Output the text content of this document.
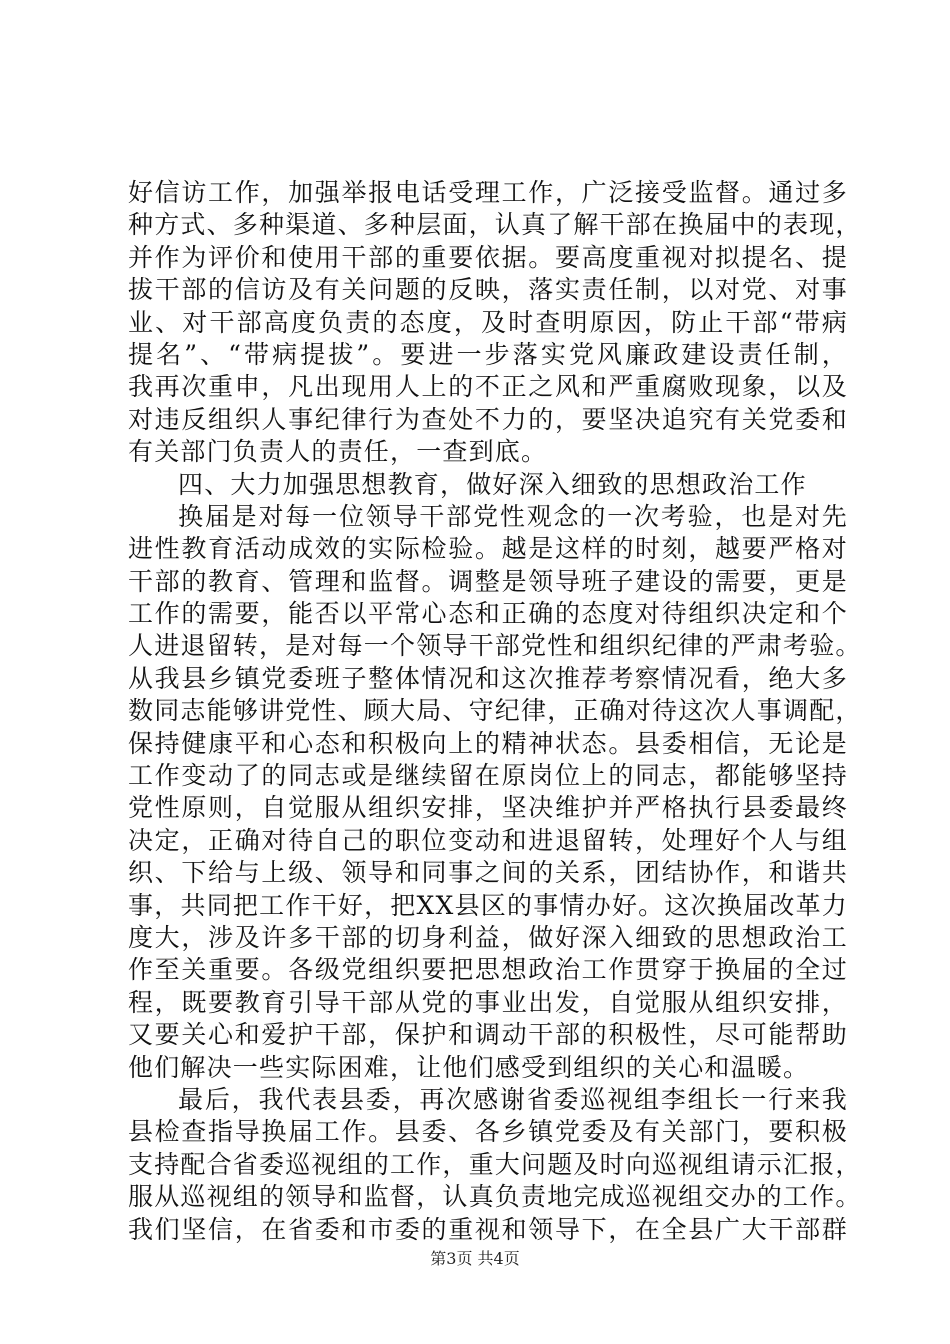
好信访工作，加强举报电话受理工作，广泛接受监督。通过多
种方式、多种渠道、多种层面，认真了解干部在换届中的表现，
并作为评价和使用干部的重要依据。要高度重视对拟提名、提
拔干部的信访及有关问题的反映，落实责任制，以对党、对事
业、对干部高度负责的态度，及时查明原因，防止干部“带病
提名”、“带病提拔”。要进一步落实党风廉政建设责任制，
我再次重申，凡出现用人上的不正之风和严重腐败现象，以及
对违反组织人事纪律行为查处不力的，要坚决追究有关党委和
有关部门负责人的责任，一查到底。
四、大力加强思想教育，做好深入细致的思想政治工作
换届是对每一位领导干部党性观念的一次考验，也是对先
进性教育活动成效的实际检验。越是这样的时刻，越要严格对
干部的教育、管理和监督。调整是领导班子建设的需要，更是
工作的需要，能否以平常心态和正确的态度对待组织决定和个
人进退留转，是对每一个领导干部党性和组织纪律的严肃考验。
从我县乡镇党委班子整体情况和这次推荐考察情况看，绝大多
数同志能够讲党性、顾大局、守纪律，正确对待这次人事调配，
保持健康平和心态和积极向上的精神状态。县委相信，无论是
工作变动了的同志或是继续留在原岗位上的同志，都能够坚持
党性原则，自觉服从组织安排，坚决维护并严格执行县委最终
决定，正确对待自己的职位变动和进退留转，处理好个人与组
织、下给与上级、领导和同事之间的关系，团结协作，和谐共
事，共同把工作干好，把XX县区的事情办好。这次换届改革力
度大，涉及许多干部的切身利益，做好深入细致的思想政治工
作至关重要。各级党组织要把思想政治工作贯穿于换届的全过
程，既要教育引导干部从党的事业出发，自觉服从组织安排，
又要关心和爱护干部，保护和调动干部的积极性，尽可能帮助
他们解决一些实际困难，让他们感受到组织的关心和温暖。
最后，我代表县委，再次感谢省委巡视组李组长一行来我
县检查指导换届工作。县委、各乡镇党委及有关部门，要积极
支持配合省委巡视组的工作，重大问题及时向巡视组请示汇报，
服从巡视组的领导和监督，认真负责地完成巡视组交办的工作。
我们坚信，在省委和市委的重视和领导下，在全县广大干部群
第3页 共4页
